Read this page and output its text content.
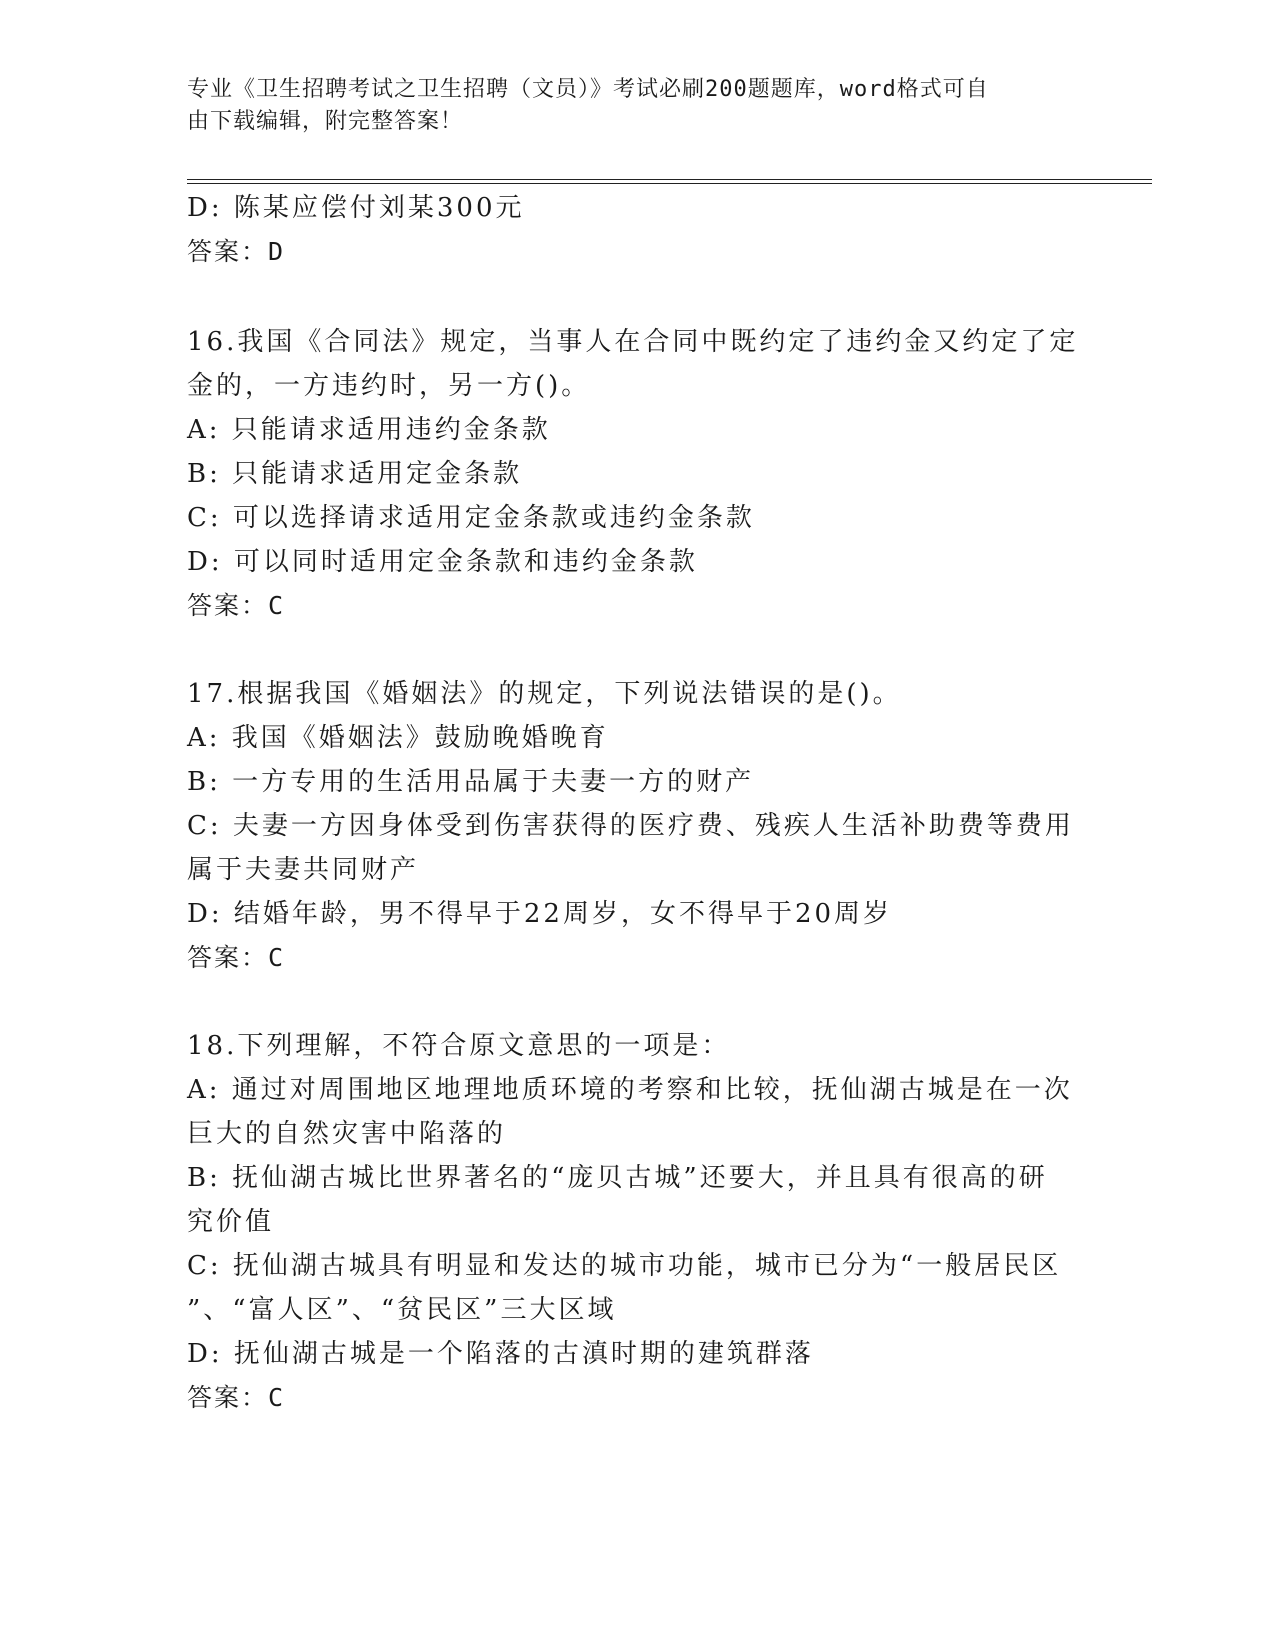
专业《卫生招聘考试之卫生招聘（文员）》考试必刷200题题库，word格式可自
由下载编辑，附完整答案！
D: 陈某应偿付刘某300元
答案：D
16.我国《合同法》规定，当事人在合同中既约定了违约金又约定了定
金的，一方违约时，另一方()。
A: 只能请求适用违约金条款
B: 只能请求适用定金条款
C: 可以选择请求适用定金条款或违约金条款
D: 可以同时适用定金条款和违约金条款
答案：C
17.根据我国《婚姻法》的规定，下列说法错误的是()。
A: 我国《婚姻法》鼓励晚婚晚育
B: 一方专用的生活用品属于夫妻一方的财产
C: 夫妻一方因身体受到伤害获得的医疗费、残疾人生活补助费等费用
属于夫妻共同财产
D: 结婚年龄，男不得早于22周岁，女不得早于20周岁
答案：C
18.下列理解，不符合原文意思的一项是：
A: 通过对周围地区地理地质环境的考察和比较，抚仙湖古城是在一次
巨大的自然灾害中陷落的
B: 抚仙湖古城比世界著名的“庞贝古城”还要大，并且具有很高的研
究价值
C: 抚仙湖古城具有明显和发达的城市功能，城市已分为“一般居民区
”、“富人区”、“贫民区”三大区域
D: 抚仙湖古城是一个陷落的古滇时期的建筑群落
答案：C
